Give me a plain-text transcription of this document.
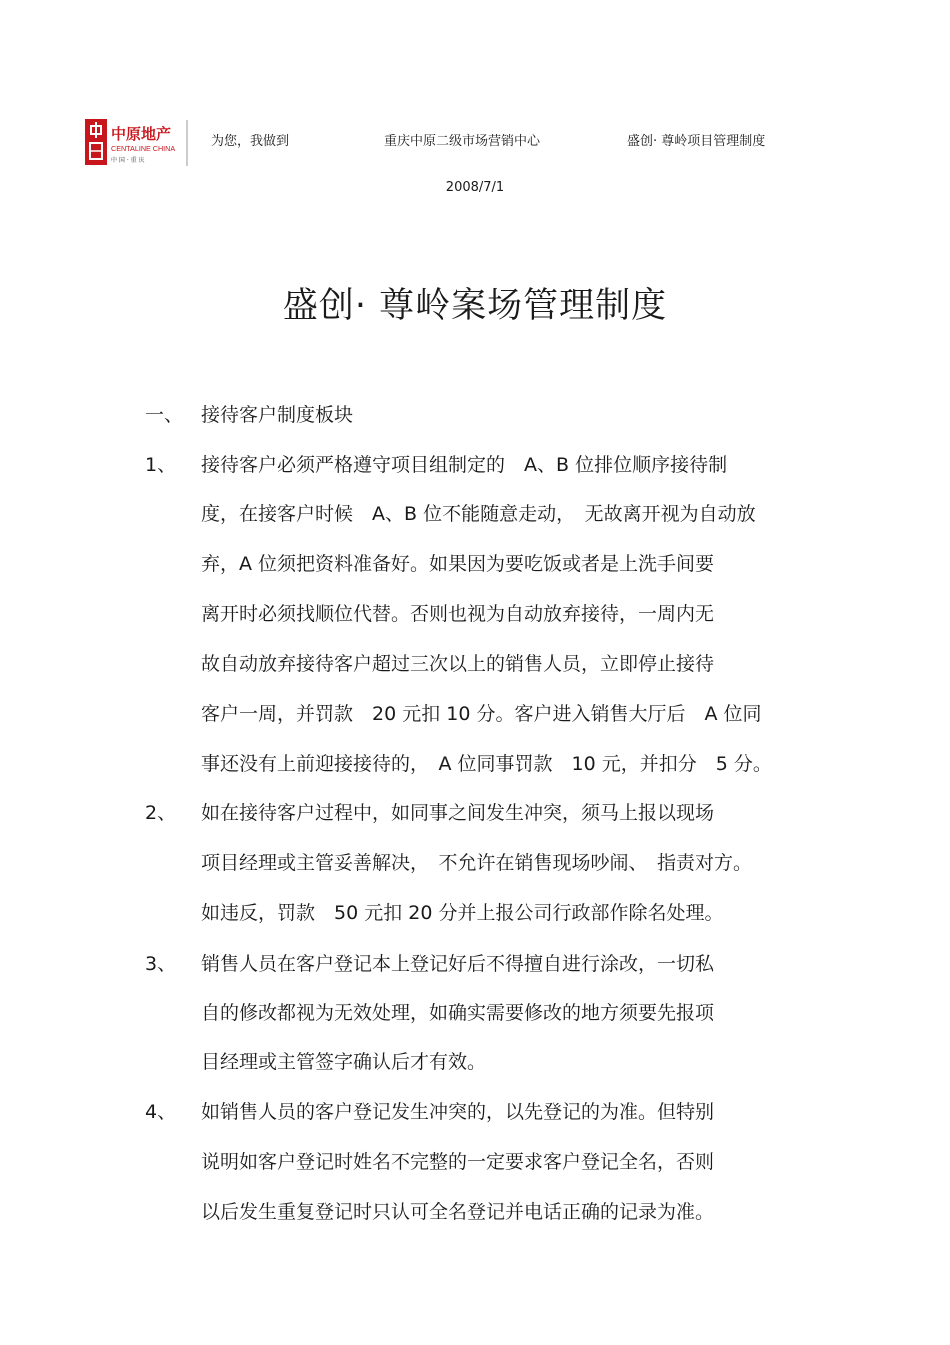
中原地产
CENTALINE CHINA
中 国 · 重 庆
为您，我做到	重庆中原二级市场营销中心	盛创· 尊岭项目管理制度
2008/7/1
盛创· 尊岭案场管理制度
一、 接待客户制度板块
1、 接待客户必须严格遵守项目组制定的　A、B 位排位顺序接待制
度，在接客户时候　A、B 位不能随意走动，　无故离开视为自动放
弃，A 位须把资料准备好。如果因为要吃饭或者是上洗手间要
离开时必须找顺位代替。否则也视为自动放弃接待，一周内无
故自动放弃接待客户超过三次以上的销售人员，立即停止接待
客户一周，并罚款　20 元扣 10 分。客户进入销售大厅后　A 位同
事还没有上前迎接接待的，　A 位同事罚款　10 元，并扣分　5 分。
2、 如在接待客户过程中，如同事之间发生冲突，须马上报以现场
项目经理或主管妥善解决，　不允许在销售现场吵闹、　指责对方。
如违反，罚款　50 元扣 20 分并上报公司行政部作除名处理。
3、 销售人员在客户登记本上登记好后不得擅自进行涂改，一切私
自的修改都视为无效处理，如确实需要修改的地方须要先报项
目经理或主管签字确认后才有效。
4、 如销售人员的客户登记发生冲突的，以先登记的为准。但特别
说明如客户登记时姓名不完整的一定要求客户登记全名，否则
以后发生重复登记时只认可全名登记并电话正确的记录为准。
